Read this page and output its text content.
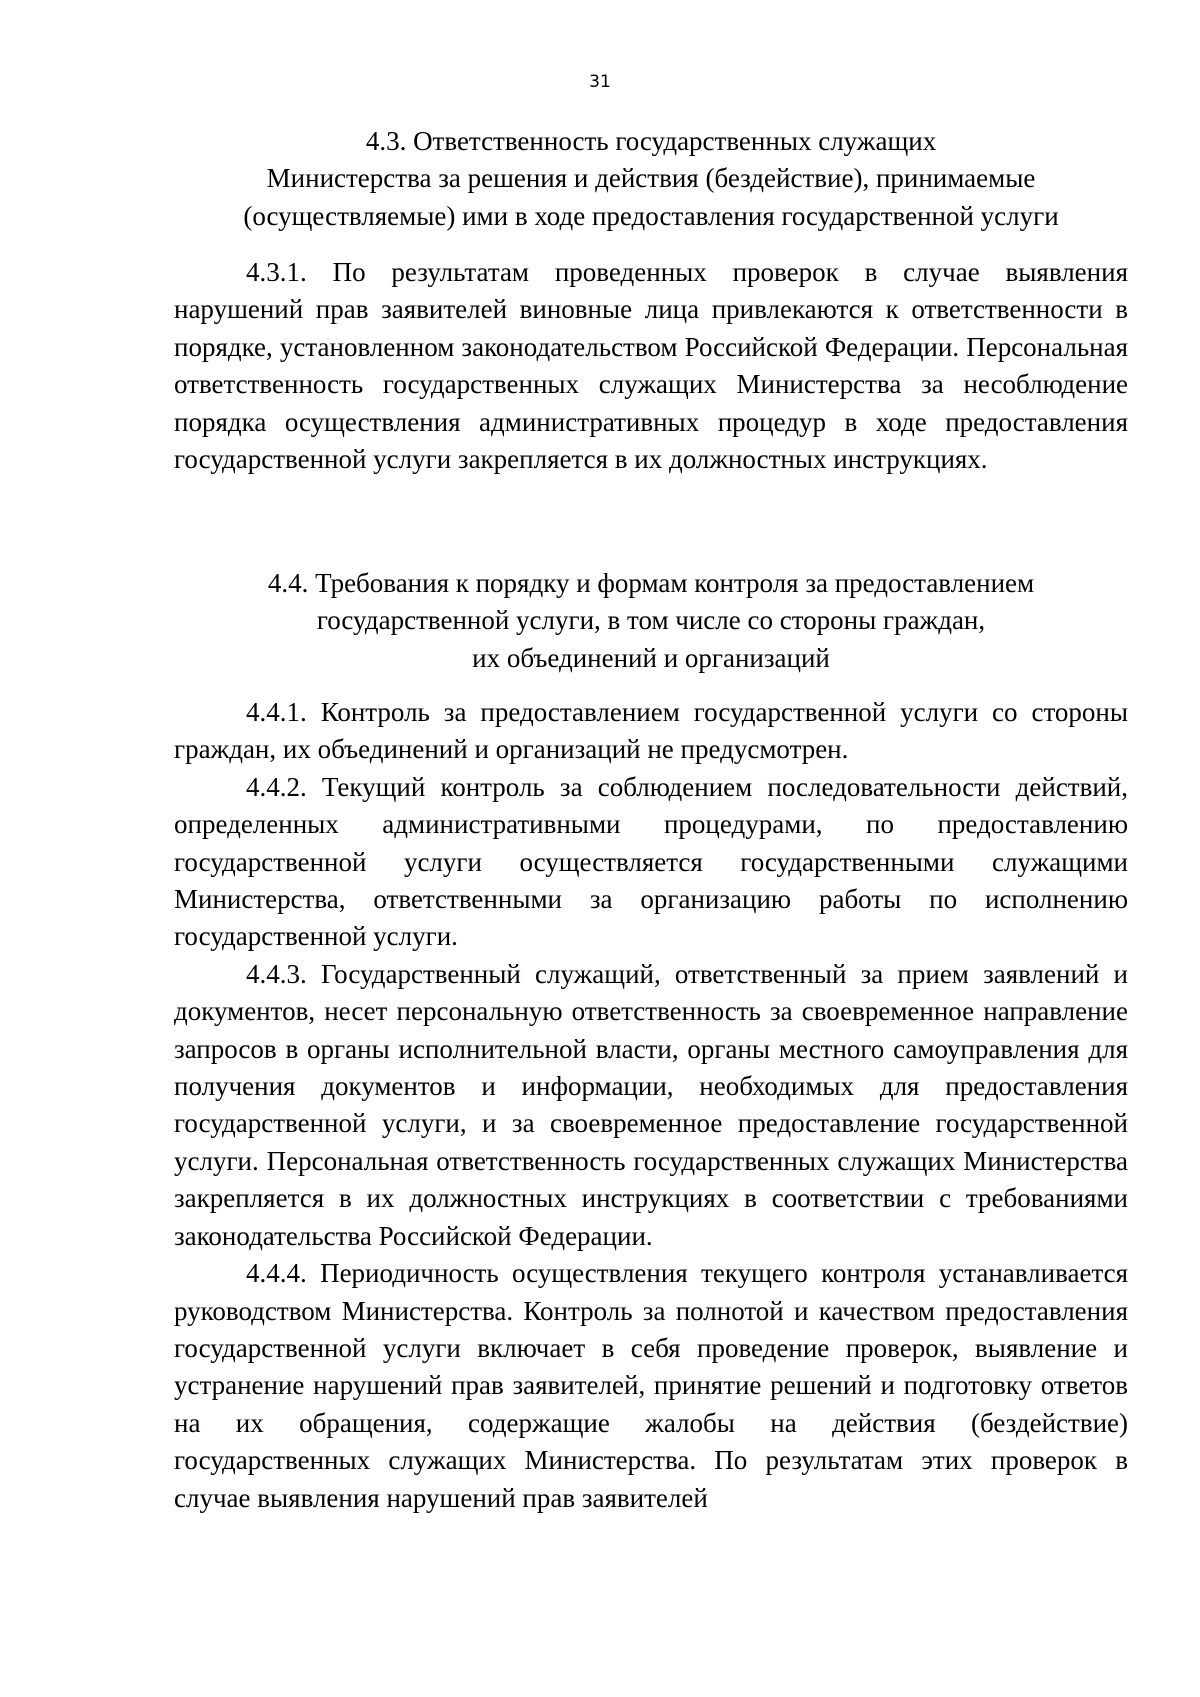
31
4.3. Ответственность государственных служащих
Министерства за решения и действия (бездействие), принимаемые
(осуществляемые) ими в ходе предоставления государственной услуги

4.3.1. По результатам проведенных проверок в случае выявления нарушений прав заявителей виновные лица привлекаются к ответственности в порядке, установленном законодательством Российской Федерации. Персональная ответственность государственных служащих Министерства за несоблюдение порядка осуществления административных процедур в ходе предоставления государственной услуги закрепляется в их должностных инструкциях.

4.4. Требования к порядку и формам контроля за предоставлением
государственной услуги, в том числе со стороны граждан,
их объединений и организаций

4.4.1. Контроль за предоставлением государственной услуги со стороны граждан, их объединений и организаций не предусмотрен.

4.4.2. Текущий контроль за соблюдением последовательности действий, определенных административными процедурами, по предоставлению государственной услуги осуществляется государственными служащими Министерства, ответственными за организацию работы по исполнению государственной услуги.

4.4.3. Государственный служащий, ответственный за прием заявлений и документов, несет персональную ответственность за своевременное направление запросов в органы исполнительной власти, органы местного самоуправления для получения документов и информации, необходимых для предоставления государственной услуги, и за своевременное предоставление государственной услуги. Персональная ответственность государственных служащих Министерства закрепляется в их должностных инструкциях в соответствии с требованиями законодательства Российской Федерации.

4.4.4. Периодичность осуществления текущего контроля устанавливается руководством Министерства. Контроль за полнотой и качеством предоставления государственной услуги включает в себя проведение проверок, выявление и устранение нарушений прав заявителей, принятие решений и подготовку ответов на их обращения, содержащие жалобы на действия (бездействие) государственных служащих Министерства. По результатам этих проверок в случае выявления нарушений прав заявителей
